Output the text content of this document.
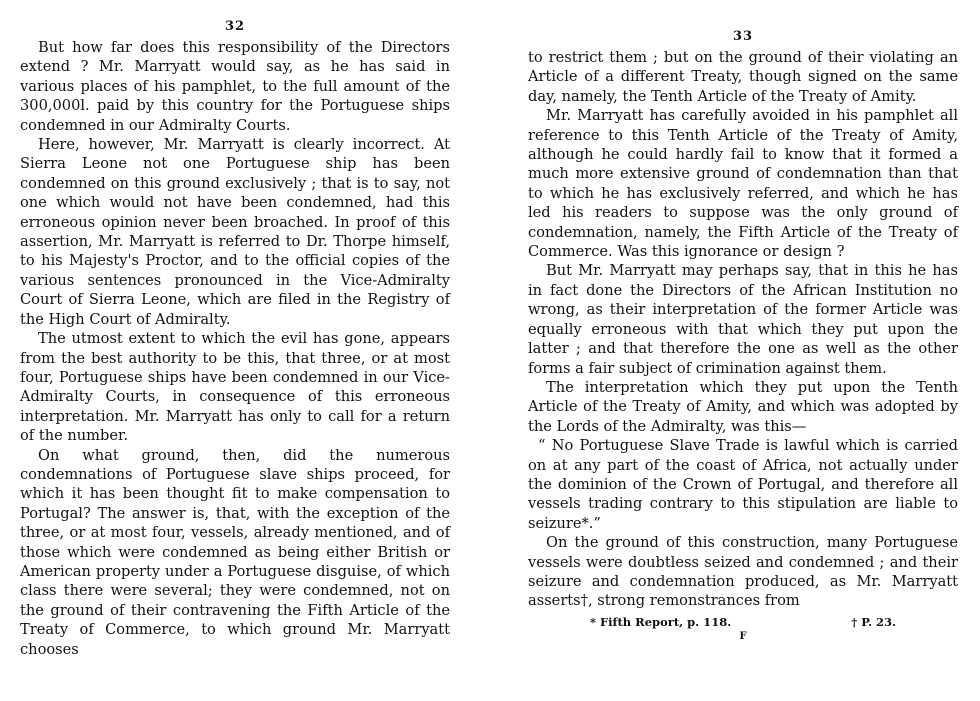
32

But how far does this responsibility of the Directors extend ? Mr. Marryatt would say, as he has said in various places of his pamphlet, to the full amount of the 300,000l. paid by this country for the Portuguese ships condemned in our Admiralty Courts.

Here, however, Mr. Marryatt is clearly incorrect. At Sierra Leone not one Portuguese ship has been condemned on this ground exclusively ; that is to say, not one which would not have been condemned, had this erroneous opinion never been broached. In proof of this assertion, Mr. Marryatt is referred to Dr. Thorpe himself, to his Majesty's Proctor, and to the official copies of the various sentences pronounced in the Vice-Admiralty Court of Sierra Leone, which are filed in the Registry of the High Court of Admiralty.

The utmost extent to which the evil has gone, appears from the best authority to be this, that three, or at most four, Portuguese ships have been condemned in our Vice-Admiralty Courts, in consequence of this erroneous interpretation. Mr. Marryatt has only to call for a return of the number.

On what ground, then, did the numerous condemnations of Portuguese slave ships proceed, for which it has been thought fit to make compensation to Portugal? The answer is, that, with the exception of the three, or at most four, vessels, already mentioned, and of those which were condemned as being either British or American property under a Portuguese disguise, of which class there were several; they were condemned, not on the ground of their contravening the Fifth Article of the Treaty of Commerce, to which ground Mr. Marryatt chooses

33

to restrict them ; but on the ground of their violating an Article of a different Treaty, though signed on the same day, namely, the Tenth Article of the Treaty of Amity.

Mr. Marryatt has carefully avoided in his pamphlet all reference to this Tenth Article of the Treaty of Amity, although he could hardly fail to know that it formed a much more extensive ground of condemnation than that to which he has exclusively referred, and which he has led his readers to suppose was the only ground of condemnation, namely, the Fifth Article of the Treaty of Commerce. Was this ignorance or design ?

But Mr. Marryatt may perhaps say, that in this he has in fact done the Directors of the African Institution no wrong, as their interpretation of the former Article was equally erroneous with that which they put upon the latter ; and that therefore the one as well as the other forms a fair subject of crimination against them.

The interpretation which they put upon the Tenth Article of the Treaty of Amity, and which was adopted by the Lords of the Admiralty, was this—

“ No Portuguese Slave Trade is lawful which is carried on at any part of the coast of Africa, not actually under the dominion of the Crown of Portugal, and therefore all vessels trading contrary to this stipulation are liable to seizure*.”

On the ground of this construction, many Portuguese vessels were doubtless seized and condemned ; and their seizure and condemnation produced, as Mr. Marryatt asserts†, strong remonstrances from

* Fifth Report, p. 118.	† P. 23.
F
